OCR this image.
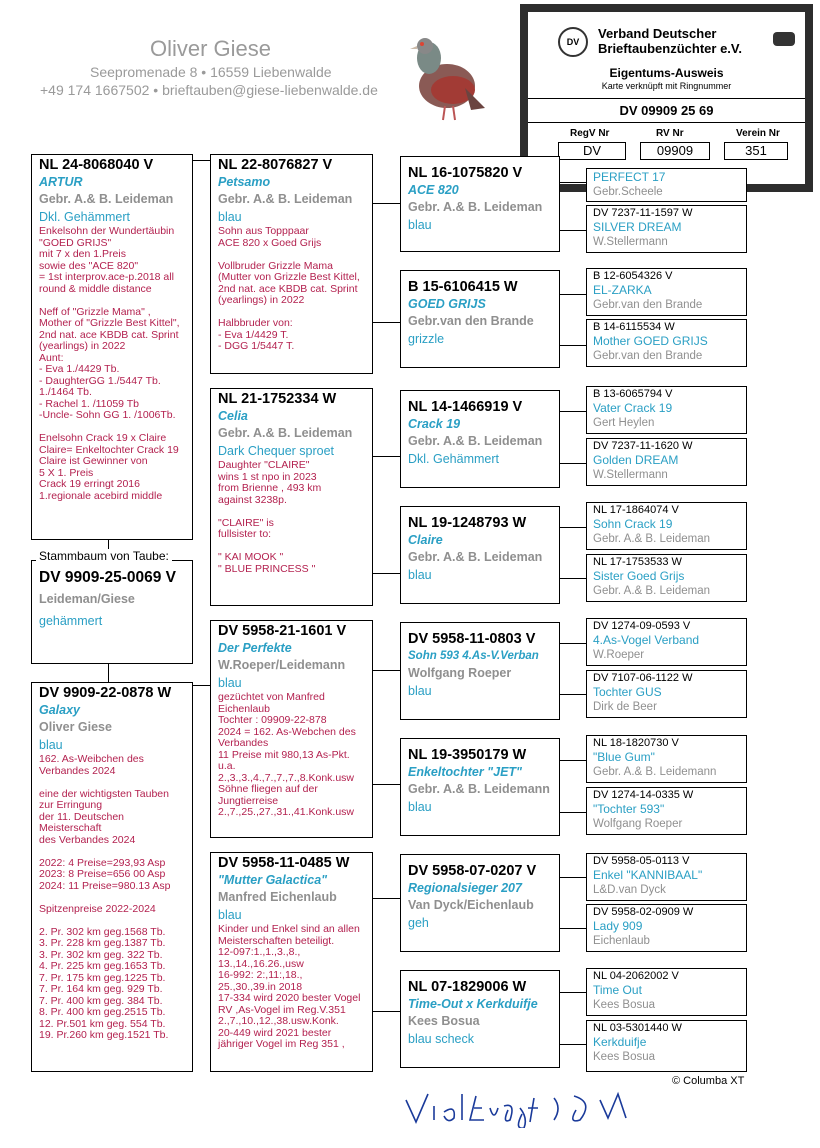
Oliver Giese
Seepromenade 8 • 16559 Liebenwalde
+49 174 1667502 • brieftauben@giese-liebenwalde.de
DV
Verband Deutscher
Brieftaubenzüchter e.V.
Eigentums-Ausweis
Karte verknüpft mit Ringnummer
DV 09909 25 69
RegV Nr	RV Nr	Verein Nr
DV	09909	351
NL 24-8068040 V
ARTUR
Gebr. A.& B. Leideman
Dkl. Gehämmert
Enkelsohn der Wundertäubin
"GOED GRIJS"
mit 7 x den 1.Preis
sowie des "ACE 820"
= 1st interprov.ace-p.2018 all
round & middle distance

Neff of "Grizzle Mama" ,
Mother of "Grizzle Best Kittel",
2nd nat. ace KBDB cat. Sprint
(yearlings) in 2022
Aunt:
- Eva 1./4429 Tb.
- DaughterGG 1./5447 Tb.
1./1464 Tb.
- Rachel 1. /11059 Tb
-Uncle- Sohn GG 1. /1006Tb.

Enelsohn Crack 19 x Claire
Claire= Enkeltochter Crack 19
Claire ist Gewinner von
5 X 1. Preis
Crack 19 erringt 2016
1.regionale acebird middle
DV 9909-25-0069 V
Leideman/Giese
gehämmert
Stammbaum von Taube:
DV 9909-22-0878 W
Galaxy
Oliver Giese
blau
162. As-Weibchen des
Verbandes 2024

eine der wichtigsten Tauben
zur Erringung
der 11. Deutschen
Meisterschaft
des Verbandes 2024

2022: 4 Preise=293,93 Asp
2023: 8 Preise=656 00 Asp
2024: 11 Preise=980.13 Asp

Spitzenpreise 2022-2024

2. Pr. 302 km geg.1568 Tb.
3. Pr. 228 km geg.1387 Tb.
3. Pr. 302 km geg. 322 Tb.
4. Pr. 225 km geg.1653 Tb.
7. Pr. 175 km geg.1225 Tb.
7. Pr. 164 km geg. 929 Tb.
7. Pr. 400 km geg. 384 Tb.
8. Pr. 400 km geg.2515 Tb.
12. Pr.501 km geg. 554 Tb.
19. Pr.260 km geg.1521 Tb.
NL 22-8076827 V
Petsamo
Gebr. A.& B. Leideman
blau
Sohn aus Topppaar
ACE 820 x Goed Grijs

Vollbruder Grizzle Mama
(Mutter von Grizzle Best Kittel,
2nd nat. ace KBDB cat. Sprint
(yearlings) in 2022

Halbbruder von:
- Eva 1/4429 T.
- DGG 1/5447 T.
NL 21-1752334 W
Celia
Gebr. A.& B. Leideman
Dark Chequer sproet
Daughter "CLAIRE"
wins 1 st npo in 2023
from Brienne , 493 km
against 3238p.

"CLAIRE" is
fullsister to:

" KAI MOOK "
" BLUE PRINCESS "
DV 5958-21-1601 V
Der Perfekte
W.Roeper/Leidemann
blau
gezüchtet von Manfred
Eichenlaub
Tochter : 09909-22-878
2024 = 162. As-Webchen des
Verbandes
11 Preise mit 980,13 As-Pkt.
u.a.
2.,3.,3.,4.,7.,7.,7.,8.Konk.usw
Söhne fliegen auf der
Jungtierreise
2.,7.,25.,27.,31.,41.Konk.usw
DV 5958-11-0485 W
"Mutter Galactica"
Manfred Eichenlaub
blau
Kinder und Enkel sind an allen
Meisterschaften beteiligt.
12-097:1.,1.,3.,8.,
13.,14.,16.26.,usw
16-992: 2:,11:,18.,
25.,30.,39.in 2018
17-334 wird 2020 bester Vogel
RV ,As-Vogel im Reg.V.351
2.,7.,10.,12.,38.usw.Konk.
20-449 wird 2021 bester
jähriger Vogel im Reg 351 ,
NL 16-1075820 V
ACE 820
Gebr. A.& B. Leideman
blau
B 15-6106415 W
GOED GRIJS
Gebr.van den Brande
grizzle
NL 14-1466919 V
Crack 19
Gebr. A.& B. Leideman
Dkl. Gehämmert
NL 19-1248793 W
Claire
Gebr. A.& B. Leideman
blau
DV 5958-11-0803 V
Sohn 593 4.As-V.Verban
Wolfgang Roeper
blau
NL 19-3950179 W
Enkeltochter "JET"
Gebr. A.& B. Leidemann
blau
DV 5958-07-0207 V
Regionalsieger 207
Van Dyck/Eichenlaub
geh
NL 07-1829006 W
Time-Out x Kerkduifje
Kees Bosua
blau scheck
PERFECT 17
Gebr.Scheele
DV 7237-11-1597 W
SILVER DREAM
W.Stellermann
B 12-6054326 V
EL-ZARKA
Gebr.van den Brande
B 14-6115534 W
Mother GOED GRIJS
Gebr.van den Brande
B 13-6065794 V
Vater Crack 19
Gert Heylen
DV 7237-11-1620 W
Golden DREAM
W.Stellermann
NL 17-1864074 V
Sohn Crack 19
Gebr. A.& B. Leideman
NL 17-1753533 W
Sister Goed Grijs
Gebr. A.& B. Leideman
DV 1274-09-0593 V
4.As-Vogel Verband
W.Roeper
DV 7107-06-1122 W
Tochter GUS
Dirk de Beer
NL 18-1820730 V
"Blue Gum"
Gebr. A.& B. Leidemann
DV 1274-14-0335 W
"Tochter 593"
Wolfgang Roeper
DV 5958-05-0113 V
Enkel "KANNIBAAL"
L&D.van Dyck
DV 5958-02-0909 W
Lady 909
Eichenlaub
NL 04-2062002 V
Time Out
Kees Bosua
NL 03-5301440 W
Kerkduifje
Kees Bosua
© Columba XT
